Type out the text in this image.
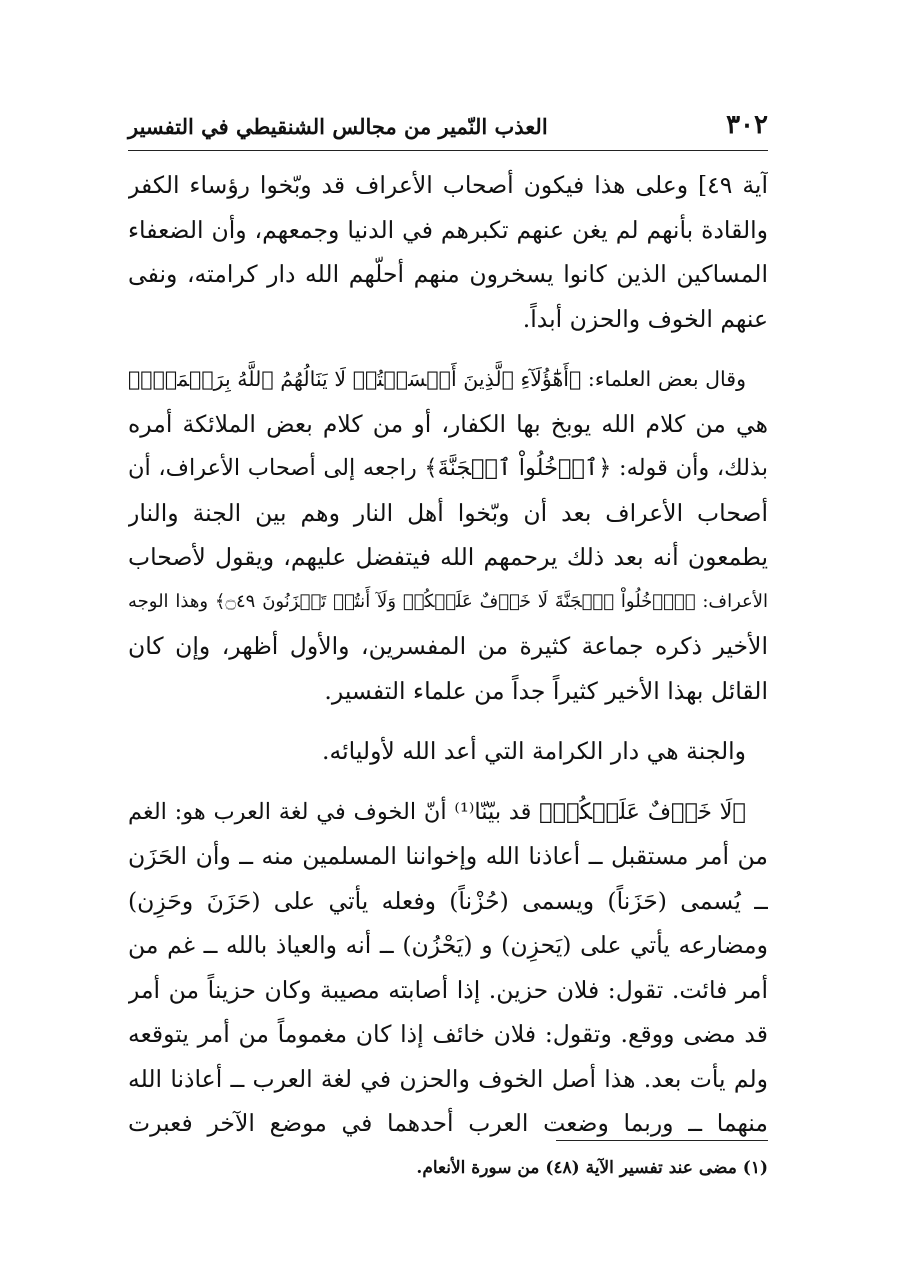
٣٠٢
العذب النّمير من مجالس الشنقيطي في التفسير
آية ٤٩] وعلى هذا فيكون أصحاب الأعراف قد وبّخوا رؤساء الكفر
والقادة بأنهم لم يغن عنهم تكبرهم في الدنيا وجمعهم، وأن الضعفاء
المساكين الذين كانوا يسخرون منهم أحلّهم الله دار كرامته، ونفى
عنهم الخوف والحزن أبداً.
وقال بعض العلماء: ﴿أَهَٰٓؤُلَآءِ ٱلَّذِينَ أَقۡسَمۡتُمۡ لَا يَنَالُهُمُ ٱللَّهُ بِرَحۡمَةٍۚ﴾
هي من كلام الله يوبخ بها الكفار، أو من كلام بعض الملائكة أمره
بذلك، وأن قوله: ﴿ٱدۡخُلُواْ ٱلۡجَنَّةَ﴾ راجعه إلى أصحاب الأعراف، أن
أصحاب الأعراف بعد أن وبّخوا أهل النار وهم بين الجنة والنار
يطمعون أنه بعد ذلك يرحمهم الله فيتفضل عليهم، ويقول لأصحاب
الأعراف: ﴿ٱدۡخُلُواْ ٱلۡجَنَّةَ لَا خَوۡفٌ عَلَيۡكُمۡ وَلَآ أَنتُمۡ تَحۡزَنُونَ ۝٤٩﴾ وهذا الوجه
الأخير ذكره جماعة كثيرة من المفسرين، والأول أظهر، وإن كان
القائل بهذا الأخير كثيراً جداً من علماء التفسير.
والجنة هي دار الكرامة التي أعد الله لأوليائه.
﴿لَا خَوۡفٌ عَلَيۡكُمۡ﴾ قد بيّنّا⁽¹⁾ أنّ الخوف في لغة العرب هو: الغم
من أمر مستقبل ــ أعاذنا الله وإخواننا المسلمين منه ــ وأن الحَزَن
ــ يُسمى (حَزَناً) ويسمى (حُزْناً) وفعله يأتي على (حَزَنَ وحَزِن)
ومضارعه يأتي على (يَحزِن) و (يَحْزُن) ــ أنه والعياذ بالله ــ غم من
أمر فائت. تقول: فلان حزين. إذا أصابته مصيبة وكان حزيناً من أمر
قد مضى ووقع. وتقول: فلان خائف إذا كان مغموماً من أمر يتوقعه
ولم يأت بعد. هذا أصل الخوف والحزن في لغة العرب ــ أعاذنا الله
منهما ــ وربما وضعت العرب أحدهما في موضع الآخر فعبرت
(١) مضى عند تفسير الآية (٤٨) من سورة الأنعام.
